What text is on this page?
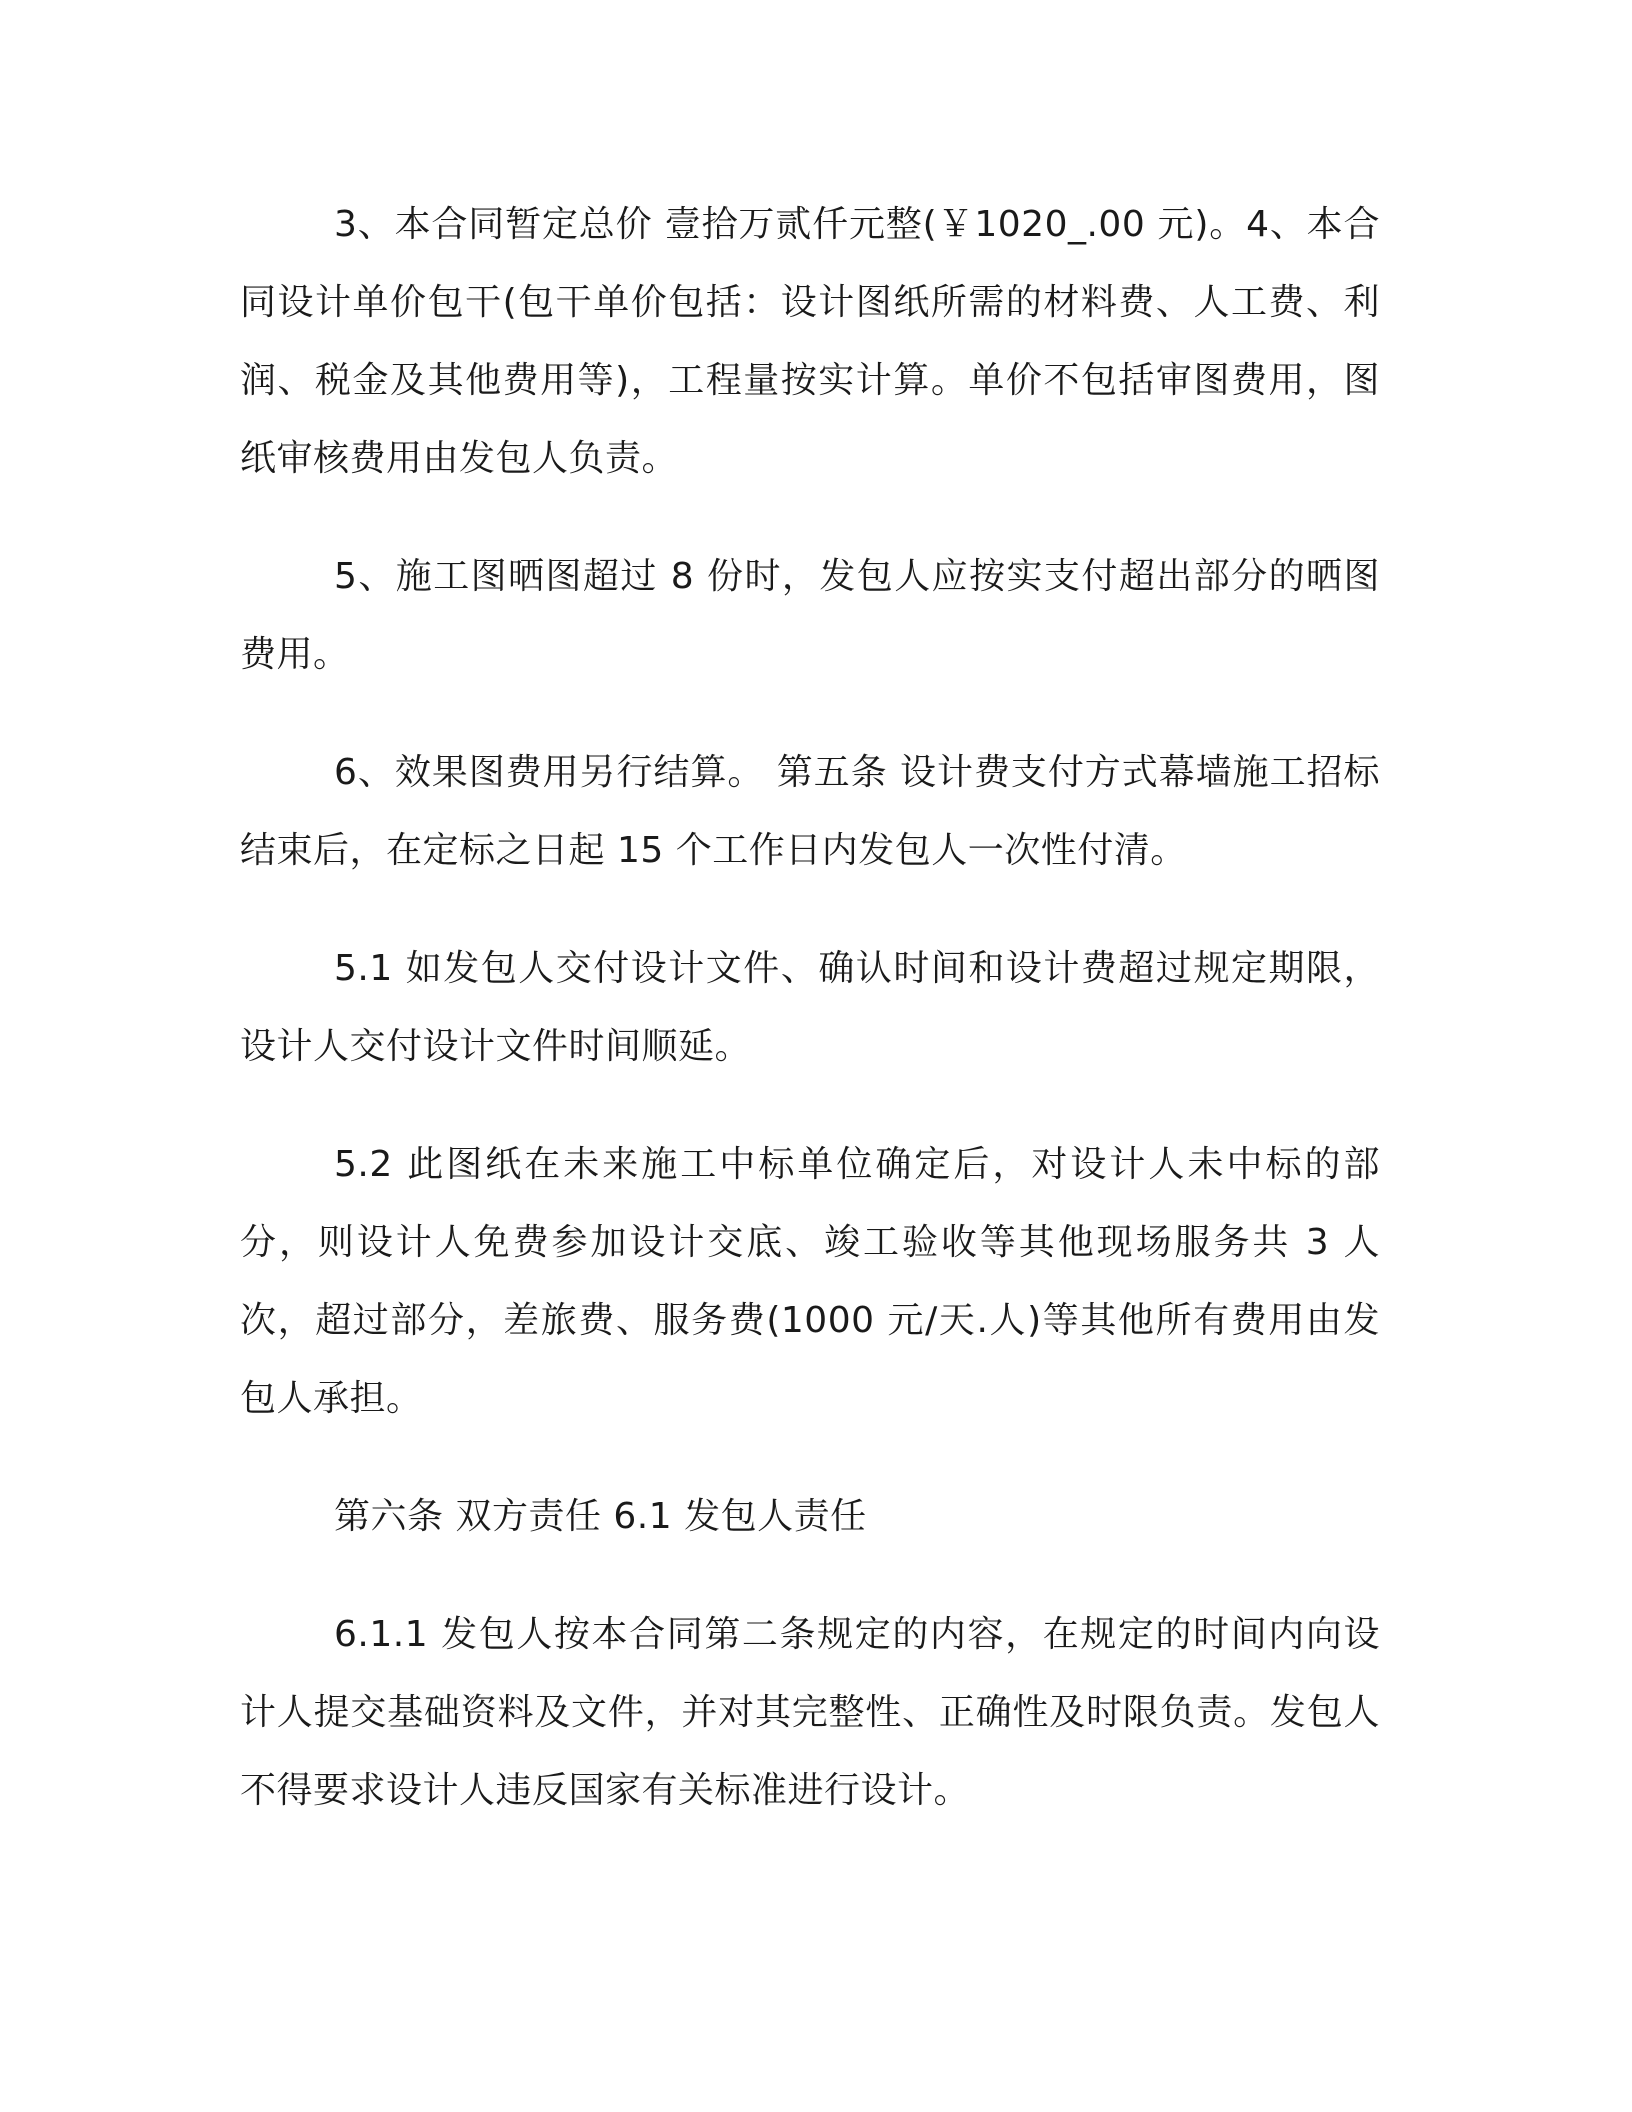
3、本合同暂定总价 壹拾万贰仟元整(￥1020_.00 元)。4、本合同设计单价包干(包干单价包括：设计图纸所需的材料费、人工费、利润、税金及其他费用等)，工程量按实计算。单价不包括审图费用，图纸审核费用由发包人负责。

5、施工图晒图超过 8 份时，发包人应按实支付超出部分的晒图费用。

6、效果图费用另行结算。 第五条 设计费支付方式幕墙施工招标结束后，在定标之日起 15 个工作日内发包人一次性付清。

5.1 如发包人交付设计文件、确认时间和设计费超过规定期限，设计人交付设计文件时间顺延。

5.2 此图纸在未来施工中标单位确定后，对设计人未中标的部分，则设计人免费参加设计交底、竣工验收等其他现场服务共 3 人次，超过部分，差旅费、服务费(1000 元/天.人)等其他所有费用由发包人承担。

第六条 双方责任 6.1 发包人责任

6.1.1 发包人按本合同第二条规定的内容，在规定的时间内向设计人提交基础资料及文件，并对其完整性、正确性及时限负责。发包人不得要求设计人违反国家有关标准进行设计。
